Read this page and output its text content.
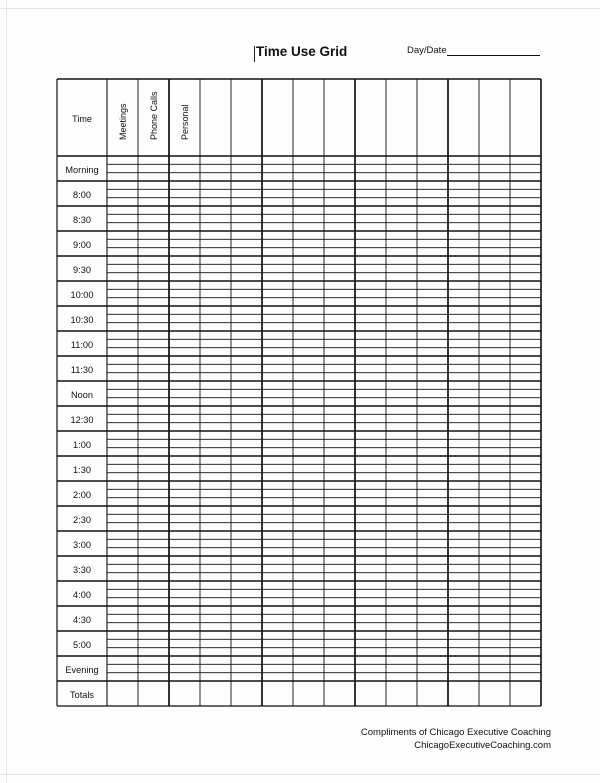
Time Use Grid	Day/Date
Morning
8:00
8:30
9:00
9:30
10:00
10:30
11:00
11:30
Noon
12:30
1:00
1:30
2:00
2:30
3:00
3:30
4:00
4:30
5:00
Evening
Totals
Time	Meetings Phone Calls Personal
Compliments of Chicago Executive Coaching
ChicagoExecutiveCoaching.com
